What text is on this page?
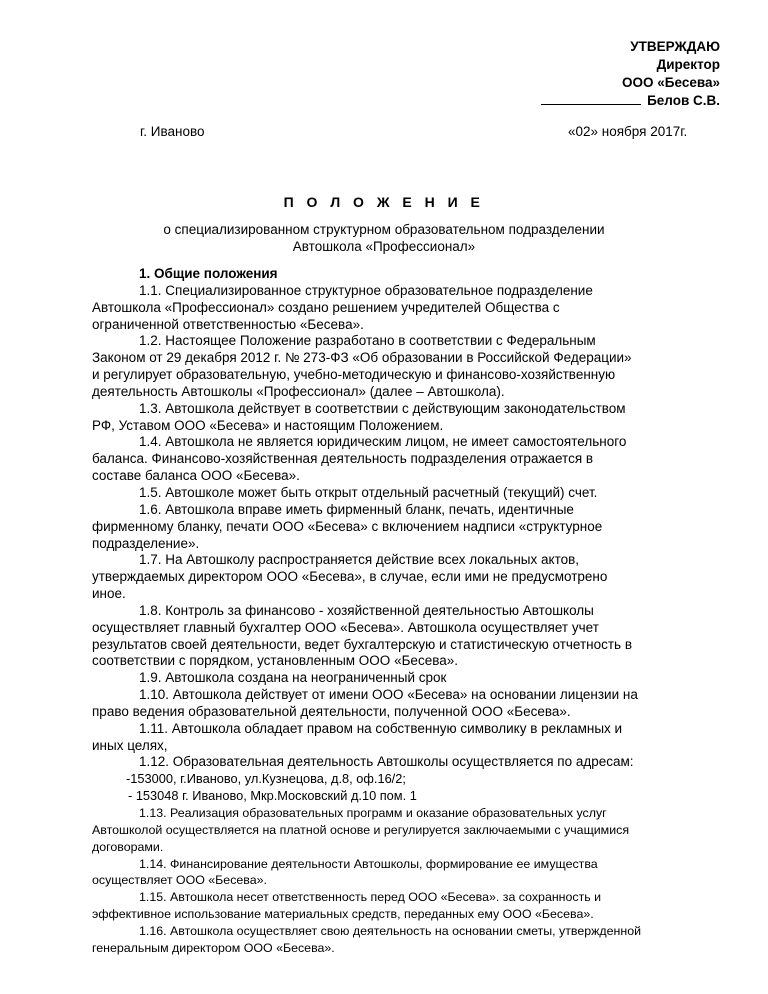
УТВЕРЖДАЮ
Директор
ООО «Бесева»
Белов С.В.
г. Иваново	«02» ноября 2017г.
П О Л О Ж Е Н И Е
о специализированном структурном образовательном подразделении
Автошкола «Профессионал»
1. Общие положения
1.1. Специализированное структурное образовательное подразделение
Автошкола «Профессионал» создано решением учредителей Общества с
ограниченной ответственностью «Бесева».
1.2. Настоящее Положение разработано в соответствии с Федеральным
Законом от 29 декабря 2012 г. № 273-ФЗ «Об образовании в Российской Федерации»
и регулирует образовательную, учебно-методическую и финансово-хозяйственную
деятельность Автошколы «Профессионал» (далее – Автошкола).
1.3. Автошкола действует в соответствии с действующим законодательством
РФ, Уставом ООО «Бесева» и настоящим Положением.
1.4. Автошкола не является юридическим лицом, не имеет самостоятельного
баланса. Финансово-хозяйственная деятельность подразделения отражается в
составе баланса ООО «Бесева».
1.5. Автошколе может быть открыт отдельный расчетный (текущий) счет.
1.6. Автошкола вправе иметь фирменный бланк, печать, идентичные
фирменному бланку, печати ООО «Бесева» с включением надписи «структурное
подразделение».
1.7. На Автошколу распространяется действие всех локальных актов,
утверждаемых директором ООО «Бесева», в случае, если ими не предусмотрено
иное.
1.8. Контроль за финансово - хозяйственной деятельностью Автошколы
осуществляет главный бухгалтер ООО «Бесева». Автошкола осуществляет учет
результатов своей деятельности, ведет бухгалтерскую и статистическую отчетность в
соответствии с порядком, установленным ООО «Бесева».
1.9. Автошкола создана на неограниченный срок
1.10. Автошкола действует от имени ООО «Бесева» на основании лицензии на
право ведения образовательной деятельности, полученной ООО «Бесева».
1.11. Автошкола обладает правом на собственную символику в рекламных и
иных целях,
1.12. Образовательная деятельность Автошколы осуществляется по адресам:
-153000, г.Иваново, ул.Кузнецова, д.8, оф.16/2;
- 153048 г. Иваново, Мкр.Московский д.10 пом. 1
1.13. Реализация образовательных программ и оказание образовательных услуг
Автошколой осуществляется на платной основе и регулируется заключаемыми с учащимися
договорами.
1.14. Финансирование деятельности Автошколы, формирование ее имущества
осуществляет ООО «Бесева».
1.15. Автошкола несет ответственность перед ООО «Бесева». за сохранность и
эффективное использование материальных средств, переданных ему ООО «Бесева».
1.16. Автошкола осуществляет свою деятельность на основании сметы, утвержденной
генеральным директором ООО «Бесева».
